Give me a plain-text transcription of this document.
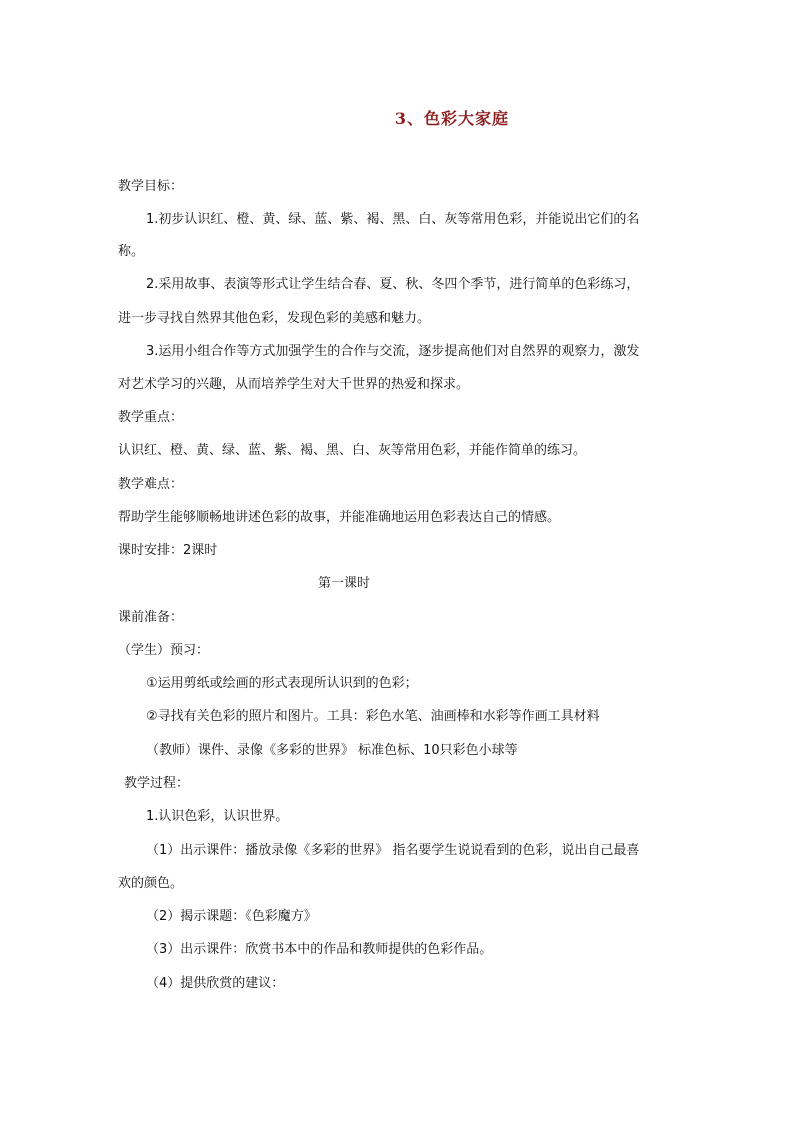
3、色彩大家庭
教学目标：
1.初步认识红、橙、黄、绿、蓝、紫、褐、黑、白、灰等常用色彩，并能说出它们的名
称。
2.采用故事、表演等形式让学生结合春、夏、秋、冬四个季节，进行简单的色彩练习，
进一步寻找自然界其他色彩，发现色彩的美感和魅力。
3.运用小组合作等方式加强学生的合作与交流，逐步提高他们对自然界的观察力，激发
对艺术学习的兴趣，从而培养学生对大千世界的热爱和探求。
教学重点：
认识红、橙、黄、绿、蓝、紫、褐、黑、白、灰等常用色彩，并能作简单的练习。
教学难点：
帮助学生能够顺畅地讲述色彩的故事，并能准确地运用色彩表达自己的情感。
课时安排：2课时
第一课时
课前准备：
（学生）预习：
①运用剪纸或绘画的形式表现所认识到的色彩；
②寻找有关色彩的照片和图片。工具：彩色水笔、油画棒和水彩等作画工具材料
（教师）课件、录像《多彩的世界》 标准色标、10只彩色小球等
教学过程：
1.认识色彩，认识世界。
（1）出示课件：播放录像《多彩的世界》 指名要学生说说看到的色彩，说出自己最喜
欢的颜色。
（2）揭示课题：《色彩魔方》
（3）出示课件：欣赏书本中的作品和教师提供的色彩作品。
（4）提供欣赏的建议：
